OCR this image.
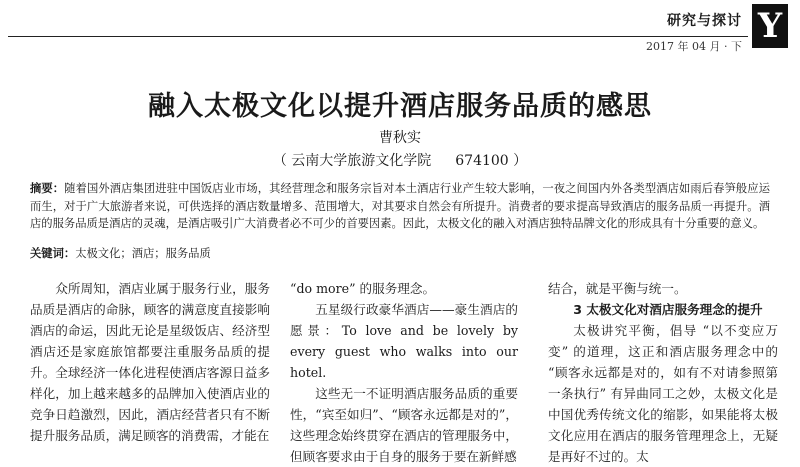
研究与探讨
2017 年 04 月 · 下
Y
融入太极文化以提升酒店服务品质的感思
曹秋实
（ 云南大学旅游文化学院 674100 ）
摘要：随着国外酒店集团进驻中国饭店业市场，其经营理念和服务宗旨对本土酒店行业产生较大影响，一夜之间国内外各类型酒店如雨后春笋般应运而生，对于广大旅游者来说，可供选择的酒店数量增多、范围增大，对其要求自然会有所提升。消费者的要求提高导致酒店的服务品质一再提升。酒店的服务品质是酒店的灵魂，是酒店吸引广大消费者必不可少的首要因素。因此，太极文化的融入对酒店独特品牌文化的形成具有十分重要的意义。
关键词：太极文化；酒店；服务品质

众所周知，酒店业属于服务行业，服务品质是酒店的命脉，顾客的满意度直接影响酒店的命运，因此无论是星级饭店、经济型酒店还是家庭旅馆都要注重服务品质的提升。全球经济一体化进程使酒店客源日益多样化，加上越来越多的品牌加入使酒店业的竞争日趋激烈，因此，酒店经营者只有不断提升服务品质，满足顾客的消费需，才能在

“do more” 的服务理念。

五星级行政豪华酒店——豪生酒店的愿景：To love and be lovely by every guest who walks into our hotel.

这些无一不证明酒店服务品质的重要性，“宾至如归”、“顾客永远都是对的”，这些理念始终贯穿在酒店的管理服务中，但顾客要求由于自身的服务于要在新鲜感

结合，就是平衡与统一。

3 太极文化对酒店服务理念的提升

太极讲究平衡，倡导 “以不变应万变” 的道理，这正和酒店服务理念中的 “顾客永远都是对的，如有不对请参照第一条执行” 有异曲同工之妙，太极文化是中国优秀传统文化的缩影，如果能将太极文化应用在酒店的服务管理理念上，无疑是再好不过的。太
